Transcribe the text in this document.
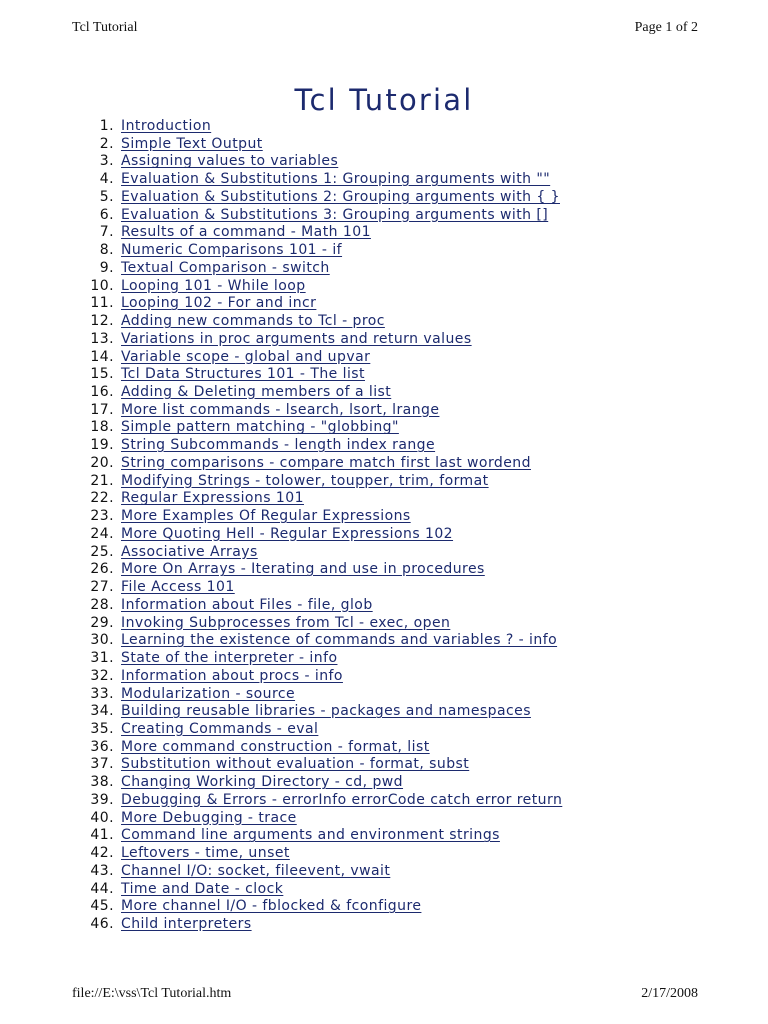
Tcl Tutorial	Page 1 of 2
Tcl Tutorial
1. Introduction
2. Simple Text Output
3. Assigning values to variables
4. Evaluation & Substitutions 1: Grouping arguments with ""
5. Evaluation & Substitutions 2: Grouping arguments with { }
6. Evaluation & Substitutions 3: Grouping arguments with []
7. Results of a command - Math 101
8. Numeric Comparisons 101 - if
9. Textual Comparison - switch
10. Looping 101 - While loop
11. Looping 102 - For and incr
12. Adding new commands to Tcl - proc
13. Variations in proc arguments and return values
14. Variable scope - global and upvar
15. Tcl Data Structures 101 - The list
16. Adding & Deleting members of a list
17. More list commands - lsearch, lsort, lrange
18. Simple pattern matching - "globbing"
19. String Subcommands - length index range
20. String comparisons - compare match first last wordend
21. Modifying Strings - tolower, toupper, trim, format
22. Regular Expressions 101
23. More Examples Of Regular Expressions
24. More Quoting Hell - Regular Expressions 102
25. Associative Arrays
26. More On Arrays - Iterating and use in procedures
27. File Access 101
28. Information about Files - file, glob
29. Invoking Subprocesses from Tcl - exec, open
30. Learning the existence of commands and variables ? - info
31. State of the interpreter - info
32. Information about procs - info
33. Modularization - source
34. Building reusable libraries - packages and namespaces
35. Creating Commands - eval
36. More command construction - format, list
37. Substitution without evaluation - format, subst
38. Changing Working Directory - cd, pwd
39. Debugging & Errors - errorInfo errorCode catch error return
40. More Debugging - trace
41. Command line arguments and environment strings
42. Leftovers - time, unset
43. Channel I/O: socket, fileevent, vwait
44. Time and Date - clock
45. More channel I/O - fblocked & fconfigure
46. Child interpreters
file://E:\vss\Tcl Tutorial.htm	2/17/2008
